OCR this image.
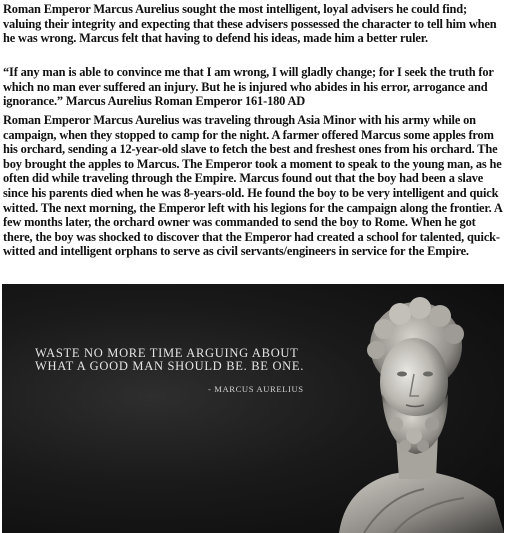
Roman Emperor Marcus Aurelius sought the most intelligent, loyal advisers he could find; valuing their integrity and expecting that these advisers possessed the character to tell him when he was wrong. Marcus felt that having to defend his ideas, made him a better ruler.

“If any man is able to convince me that I am wrong, I will gladly change; for I seek the truth for which no man ever suffered an injury. But he is injured who abides in his error, arrogance and ignorance.” Marcus Aurelius Roman Emperor 161-180 AD

Roman Emperor Marcus Aurelius was traveling through Asia Minor with his army while on campaign, when they stopped to camp for the night. A farmer offered Marcus some apples from his orchard, sending a 12-year-old slave to fetch the best and freshest ones from his orchard. The boy brought the apples to Marcus. The Emperor took a moment to speak to the young man, as he often did while traveling through the Empire. Marcus found out that the boy had been a slave since his parents died when he was 8-years-old. He found the boy to be very intelligent and quick witted. The next morning, the Emperor left with his legions for the campaign along the frontier. A few months later, the orchard owner was commanded to send the boy to Rome. When he got there, the boy was shocked to discover that the Emperor had created a school for talented, quick-witted and intelligent orphans to serve as civil servants/engineers in service for the Empire.

WASTE NO MORE TIME ARGUING ABOUT

WHAT A GOOD MAN SHOULD BE. BE ONE.

- MARCUS AURELIUS
